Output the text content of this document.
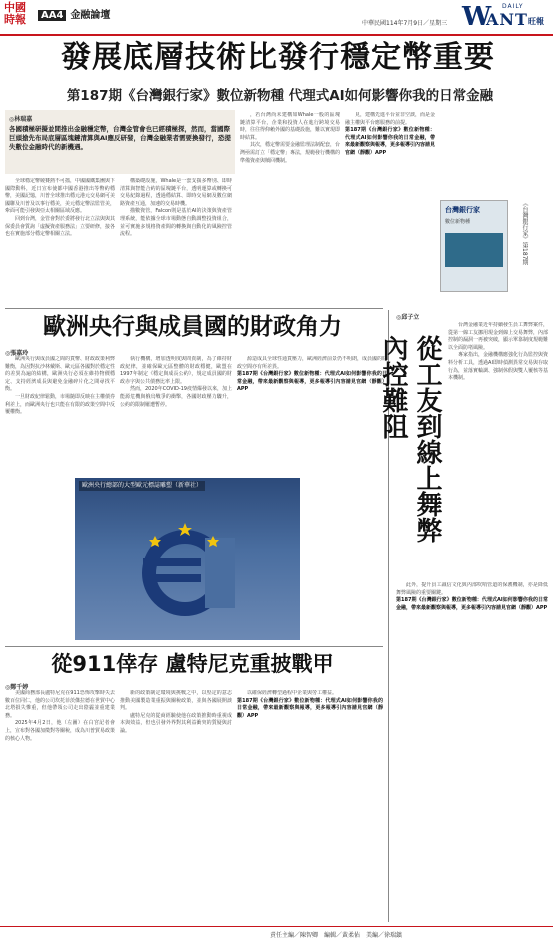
中國時報	AA4 金融論壇
中華民國114年7月9日／星期三 W
ANT
DAILY
旺報
發展底層技術比發行穩定幣重要
第187期《台灣銀行家》數位新物種 代理式AI如何影響你我的日常金融
◎林瑞嘉
各國積極研擬並間推出金融穩定幣，台灣金管會也已經積極探，然而，當國際巨頭搶先布局底層區塊鏈清算與AI應反研發，台灣金融業者需要換發行，恐提失數位金融時代的新機遇。

全球穩定幣競賽熱不可擋，中國國鐵集團與下國際動科，近日宣布使都中國香港推出等幣約穩幣，美國記憶，川普全球推出穩元港元交易網可美國聯及川普及以事行穩美，美元穩定幣法監管美，牽面可能引發與亞太相關區域反應。

回到台灣，金管會對於委將發行北立法與與其保委員會質詢「虛擬資產服務法」立要研修，接各也在實施部分穩定幣相關立法。

構築礎設施，Whale是一套支援多幣別、即時清算與智能合約的區塊鏈平台，透明運算或轉換可交易紀錄過程，透過穩結算、即時交易網及數位網路資產互通，加速的交易時機。

描數資管，Falcon則是基於AI的決策與資產管理系統，能依據全球市場動態自動調整投資組合，並可實施多規格資產間的轉換與自動化的風險控管流程。

，若台灣尚未建構如Whale一般的區塊鏈清算平台，企業和投資人在進行跨境交易時，往往得仰賴外國的基礎設施，難以實現即時結算。

其次，穩定幣需要金融監理法制配套，台灣亟需訂立「穩定幣」專法，規範發行機構的準備資產與贖回機制。

見，建構先進平台並非空談，而是金融主權與平台應服務的前提。

第187期《台灣銀行家》數位新物種：代理式AI如何影響你我的日常金融，帶來最新觀察與報導，更多報導引內容請見官網（靜觀）APP

台灣銀行家
數位新物種	《台灣銀行家》第187期
歐洲央行與成員國的財政角力
◎張嘉玲

歐洲央行與成員國之間的貨幣、財政政策利弊難衡，為因對抗沙林戴斯、歐元區各國對於穩定性的差異為遍的結構，歐洲央行必須在維持物價穩定、支持經濟成長與避免金融碎片化之間尋找平衡。

一旦財政紀律鬆動，市場隨即反映在主權債券利差上，而歐洲央行也只能在有限的政策空間中反覆權衡。

執行機構，增加透明度與問責制，為了維持財政紀律，並確保歐元區整體的財政穩健，歐盟在1997年制定《穩定與成長公約》，規定成員國的財政赤字與公共債務比率上限。

然而，2020年COVID-19疫情爆發以來，加上能源危機與俄烏戰爭的衝擊，各國財政壓力驟升，公約的限制屢遭暫停。

源造成具全球性通貨壓力，歐洲經濟前景仍不明朗，成員國的財政空間亦有所差異。

第187期《台灣銀行家》數位新物種：代理式AI如何影響你我的日常金融，帶來最新觀察與報導，更多報導引內容請見官網（靜觀）APP

歐洲央行總部的大型歐元標誌雕塑（新華社）
從911倖存 盧特尼克重披戰甲
◎鄭千婷

美國商務部長盧特尼克在911恐怖攻擊時失去數百位同仁，他的公司坎托菲茨傑拉德在世貿中心北塔損失慘重，但他帶領公司走出陰霾並重建業務。

2025年4月2日，他（左圖）在白宮記者會上，宣布對各國加徵對等關稅，成為川普貿易政策的核心人物。

新的政策制定環境與挑戰之中，以堅定的意志推動美國製造業重振與關稅政策，並與各國展開談判。

盧特尼克的從商經驗使他在政策推動時重視成本與效益，但也引發外界對其利益衝突的質疑與討論。

以確保經濟轉型過程中企業與勞工權益。

第187期《台灣銀行家》數位新物種：代理式AI如何影響你我的日常金融，帶來最新觀察與報導，更多報導引內容請見官網（靜觀）APP

◎邱子立
從工友到線上舞弊 內控難阻

台灣金融業近年持續發生員工舞弊案件，從第一線工友挪用現金到線上交易舞弊，內部控制的漏洞一再被突破，顯示單靠制度規範難以全面防堵風險。

專家指出，金融機構應強化行為監控與資料分析工具，透過AI即時偵測異常交易與存取行為，並落實輪調、強制休假與雙人覆核等基本機制。

此外，提升員工誠信文化與內部吹哨管道的保護機制，亦是降低舞弊風險的重要關鍵。

第187期《台灣銀行家》數位新物種：代理式AI如何影響你我的日常金融，帶來最新觀察與報導，更多報導引內容請見官網（靜觀）APP

責任主編／陳智卿　編輯／黃柔佑　美編／徐瑞鎮
